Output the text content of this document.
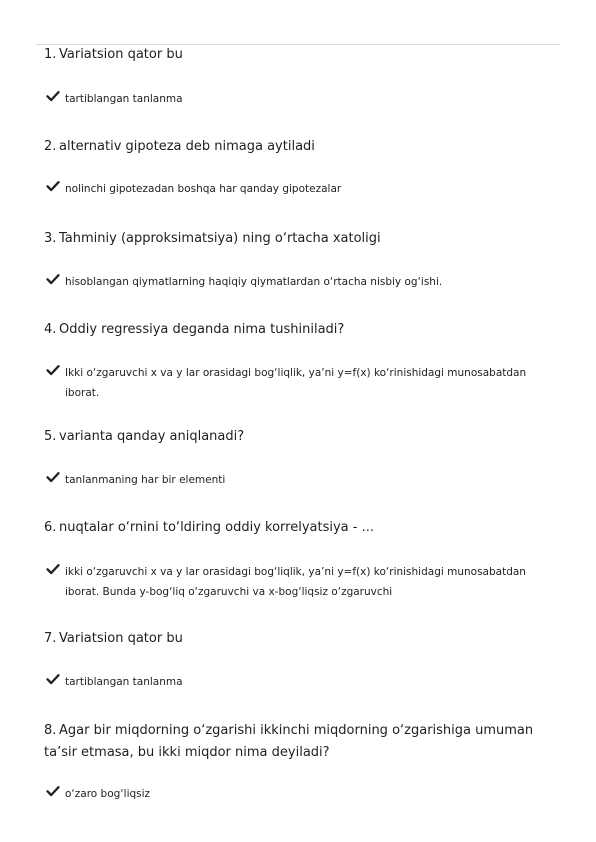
1. Variatsion qator bu
tartiblangan tanlanma
2. alternativ gipoteza deb nimaga aytiladi
nolinchi gipotezadan boshqa har qanday gipotezalar
3. Tahminiy (approksimatsiya) ning o‘rtacha xatoligi
hisoblangan qiymatlarning haqiqiy qiymatlardan o‘rtacha nisbiy og‘ishi.
4. Oddiy regressiya deganda nima tushiniladi?
Ikki o‘zgaruvchi x va y lar orasidagi bog‘liqlik, ya’ni y=f(x) ko‘rinishidagi munosabatdan iborat.
5. varianta qanday aniqlanadi?
tanlanmaning har bir elementi
6. nuqtalar o‘rnini to‘ldiring oddiy korrelyatsiya - ...
ikki o‘zgaruvchi x va y lar orasidagi bog‘liqlik, ya’ni y=f(x) ko‘rinishidagi munosabatdan iborat. Bunda y-bog‘liq o‘zgaruvchi va x-bog‘liqsiz o‘zgaruvchi
7. Variatsion qator bu
tartiblangan tanlanma
8. Agar bir miqdorning o‘zgarishi ikkinchi miqdorning o‘zgarishiga umuman ta’sir etmasa, bu ikki miqdor nima deyiladi?
o‘zaro bog‘liqsiz
